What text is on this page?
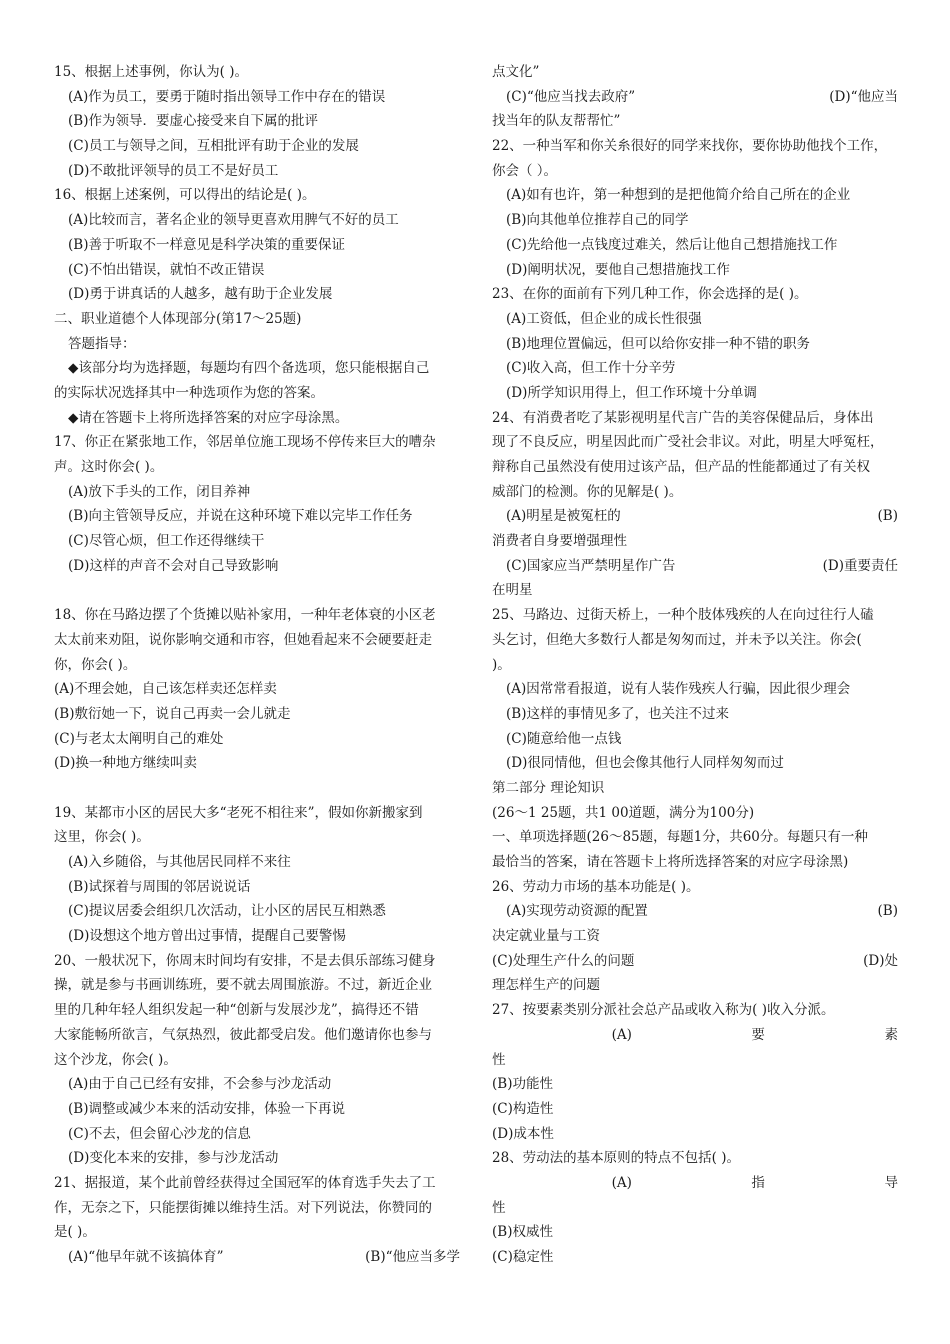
15、根据上述事例，你认为( )。
(A)作为员工，要勇于随时指出领导工作中存在的错误
(B)作为领导．要虚心接受来自下属的批评
(C)员工与领导之间，互相批评有助于企业的发展
(D)不敢批评领导的员工不是好员工
16、根据上述案例，可以得出的结论是( )。
(A)比较而言，著名企业的领导更喜欢用脾气不好的员工
(B)善于听取不一样意见是科学决策的重要保证
(C)不怕出错误，就怕不改正错误
(D)勇于讲真话的人越多，越有助于企业发展
二、职业道德个人体现部分(第17～25题)
答题指导：
◆该部分均为选择题，每题均有四个备选项，您只能根据自己
的实际状况选择其中一种选项作为您的答案。
◆请在答题卡上将所选择答案的对应字母涂黑。
17、你正在紧张地工作，邻居单位施工现场不停传来巨大的嘈杂
声。这时你会( )。
(A)放下手头的工作，闭目养神
(B)向主管领导反应，并说在这种环境下难以完毕工作任务
(C)尽管心烦，但工作还得继续干
(D)这样的声音不会对自己导致影响
18、你在马路边摆了个货摊以贴补家用，一种年老体衰的小区老
太太前来劝阻，说你影响交通和市容，但她看起来不会硬要赶走
你，你会( )。
(A)不理会她，自己该怎样卖还怎样卖
(B)敷衍她一下，说自己再卖一会儿就走
(C)与老太太阐明自己的难处
(D)换一种地方继续叫卖
19、某都市小区的居民大多“老死不相往来”，假如你新搬家到
这里，你会( )。
(A)入乡随俗，与其他居民同样不来往
(B)试探着与周围的邻居说说话
(C)提议居委会组织几次活动，让小区的居民互相熟悉
(D)设想这个地方曾出过事情，提醒自己要警惕
20、一般状况下，你周末时间均有安排，不是去俱乐部练习健身
操，就是参与书画训练班，要不就去周围旅游。不过，新近企业
里的几种年轻人组织发起一种“创新与发展沙龙”，搞得还不错
大家能畅所欲言，气氛热烈，彼此都受启发。他们邀请你也参与
这个沙龙，你会( )。
(A)由于自己已经有安排，不会参与沙龙活动
(B)调整或减少本来的活动安排，体验一下再说
(C)不去，但会留心沙龙的信息
(D)变化本来的安排，参与沙龙活动
21、据报道，某个此前曾经获得过全国冠军的体育选手失去了工
作，无奈之下，只能摆街摊以维持生活。对下列说法，你赞同的
是( )。
(A)“他早年就不该搞体育”	(B)“他应当多学
点文化”
(C)“他应当找去政府”	(D)“他应当
找当年的队友帮帮忙”
22、一种当军和你关糸很好的同学来找你，要你协助他找个工作，
你会（ ）。
(A)如有也许，第一种想到的是把他简介给自己所在的企业
(B)向其他单位推荐自己的同学
(C)先给他一点钱度过难关，然后让他自己想措施找工作
(D)阐明状况，要他自己想措施找工作
23、在你的面前有下列几种工作，你会选择的是( )。
(A)工资低，但企业的成长性很强
(B)地理位置偏远，但可以给你安排一种不错的职务
(C)收入高，但工作十分辛劳
(D)所学知识用得上，但工作环境十分单调
24、有消费者吃了某影视明星代言广告的美容保健品后，身体出
现了不良反应，明星因此而广受社会非议。对此，明星大呼冤枉，
辩称自己虽然没有使用过该产品，但产品的性能都通过了有关权
威部门的检测。你的见解是( )。
(A)明星是被冤枉的	(B)
消费者自身要增强理性
(C)国家应当严禁明星作广告	(D)重要责任
在明星
25、马路边、过街天桥上，一种个肢体残疾的人在向过往行人磕
头乞讨，但绝大多数行人都是匆匆而过，并未予以关注。你会(
)。
(A)因常常看报道，说有人装作残疾人行骗，因此很少理会
(B)这样的事情见多了，也关注不过来
(C)随意给他一点钱
(D)很同情他，但也会像其他行人同样匆匆而过
第二部分 理论知识
(26～1 25题，共1 00道题，满分为100分)
一、单项选择题(26～85题，每题1分，共60分。每题只有一种
最恰当的答案，请在答题卡上将所选择答案的对应字母涂黑)
26、劳动力市场的基本功能是( )。
(A)实现劳动资源的配置	(B)
决定就业量与工资
(C)处理生产什么的问题	(D)处
理怎样生产的问题
27、按要素类别分派社会总产品或收入称为( )收入分派。
(A)	要	素
性
(B)功能性
(C)构造性
(D)成本性
28、劳动法的基本原则的特点不包括( )。
(A)	指	导
性
(B)权威性
(C)稳定性
